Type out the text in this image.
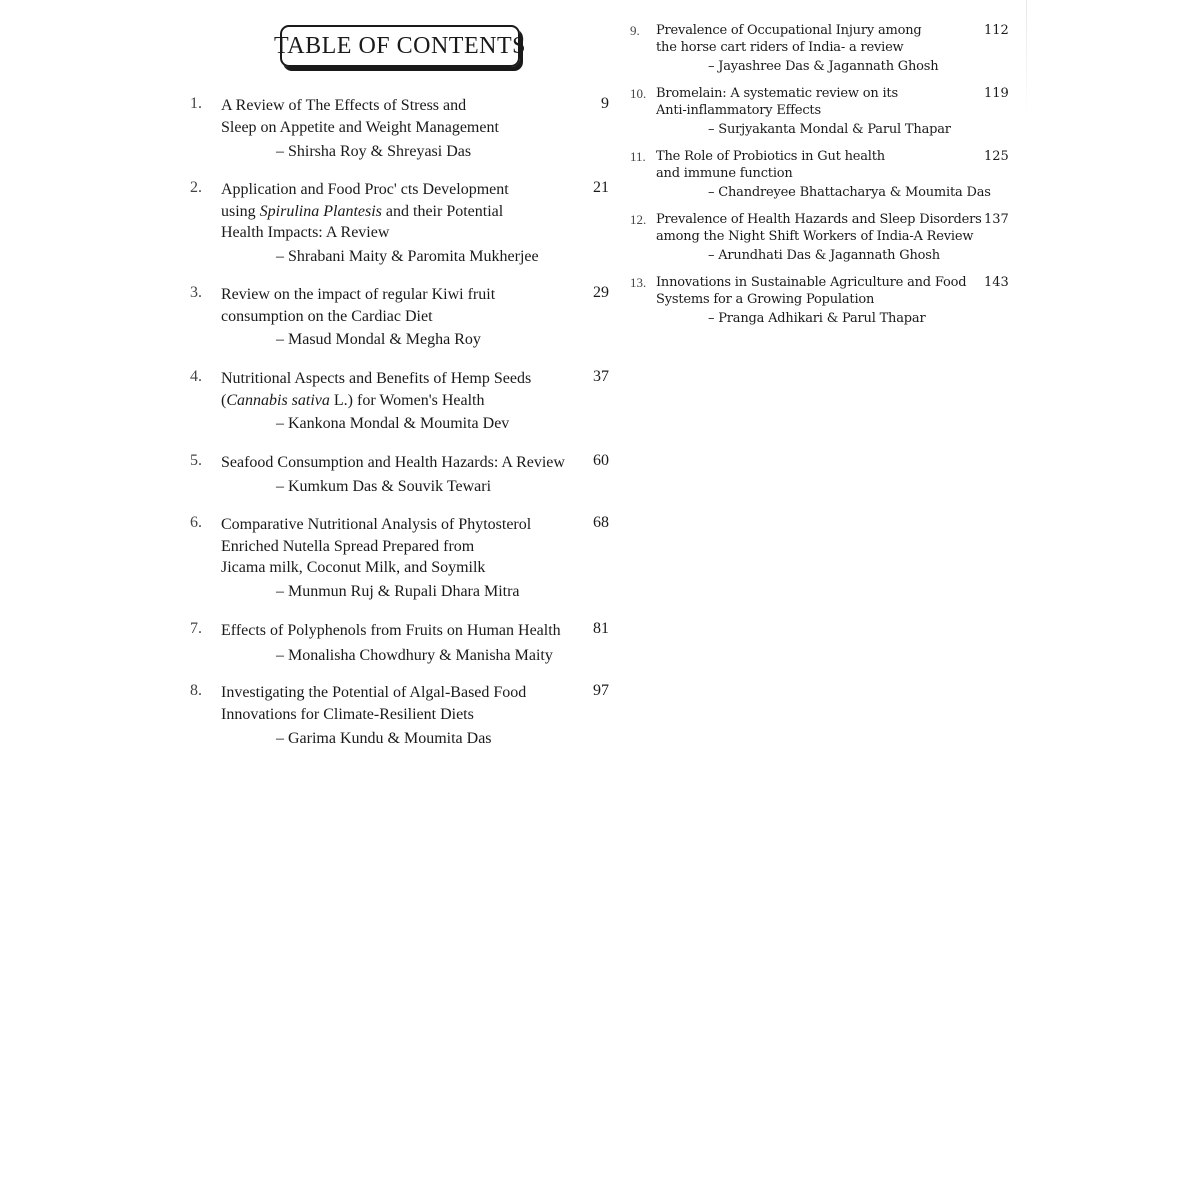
TABLE OF CONTENTS
1. A Review of The Effects of Stress and
Sleep on Appetite and Weight Management
9
– Shirsha Roy & Shreyasi Das
2. Application and Food Proc' cts Development
using Spirulina Plantesis and their Potential
Health Impacts: A Review
21
– Shrabani Maity & Paromita Mukherjee
3. Review on the impact of regular Kiwi fruit
consumption on the Cardiac Diet
29
– Masud Mondal & Megha Roy
4. Nutritional Aspects and Benefits of Hemp Seeds
(Cannabis sativa L.) for Women's Health
37
– Kankona Mondal & Moumita Dev
5. Seafood Consumption and Health Hazards: A Review	60
– Kumkum Das & Souvik Tewari
6. Comparative Nutritional Analysis of Phytosterol
Enriched Nutella Spread Prepared from
Jicama milk, Coconut Milk, and Soymilk
68
– Munmun Ruj & Rupali Dhara Mitra
7. Effects of Polyphenols from Fruits on Human Health	81
– Monalisha Chowdhury & Manisha Maity
8. Investigating the Potential of Algal-Based Food
Innovations for Climate-Resilient Diets
97
– Garima Kundu & Moumita Das
9. Prevalence of Occupational Injury among
the horse cart riders of India- a review
112
– Jayashree Das & Jagannath Ghosh
10. Bromelain: A systematic review on its
Anti-inflammatory Effects
119
– Surjyakanta Mondal & Parul Thapar
11. The Role of Probiotics in Gut health
and immune function
125
– Chandreyee Bhattacharya & Moumita Das
12. Prevalence of Health Hazards and Sleep Disorders
among the Night Shift Workers of India-A Review
137
– Arundhati Das & Jagannath Ghosh
13. Innovations in Sustainable Agriculture and Food
Systems for a Growing Population
143
– Pranga Adhikari & Parul Thapar
